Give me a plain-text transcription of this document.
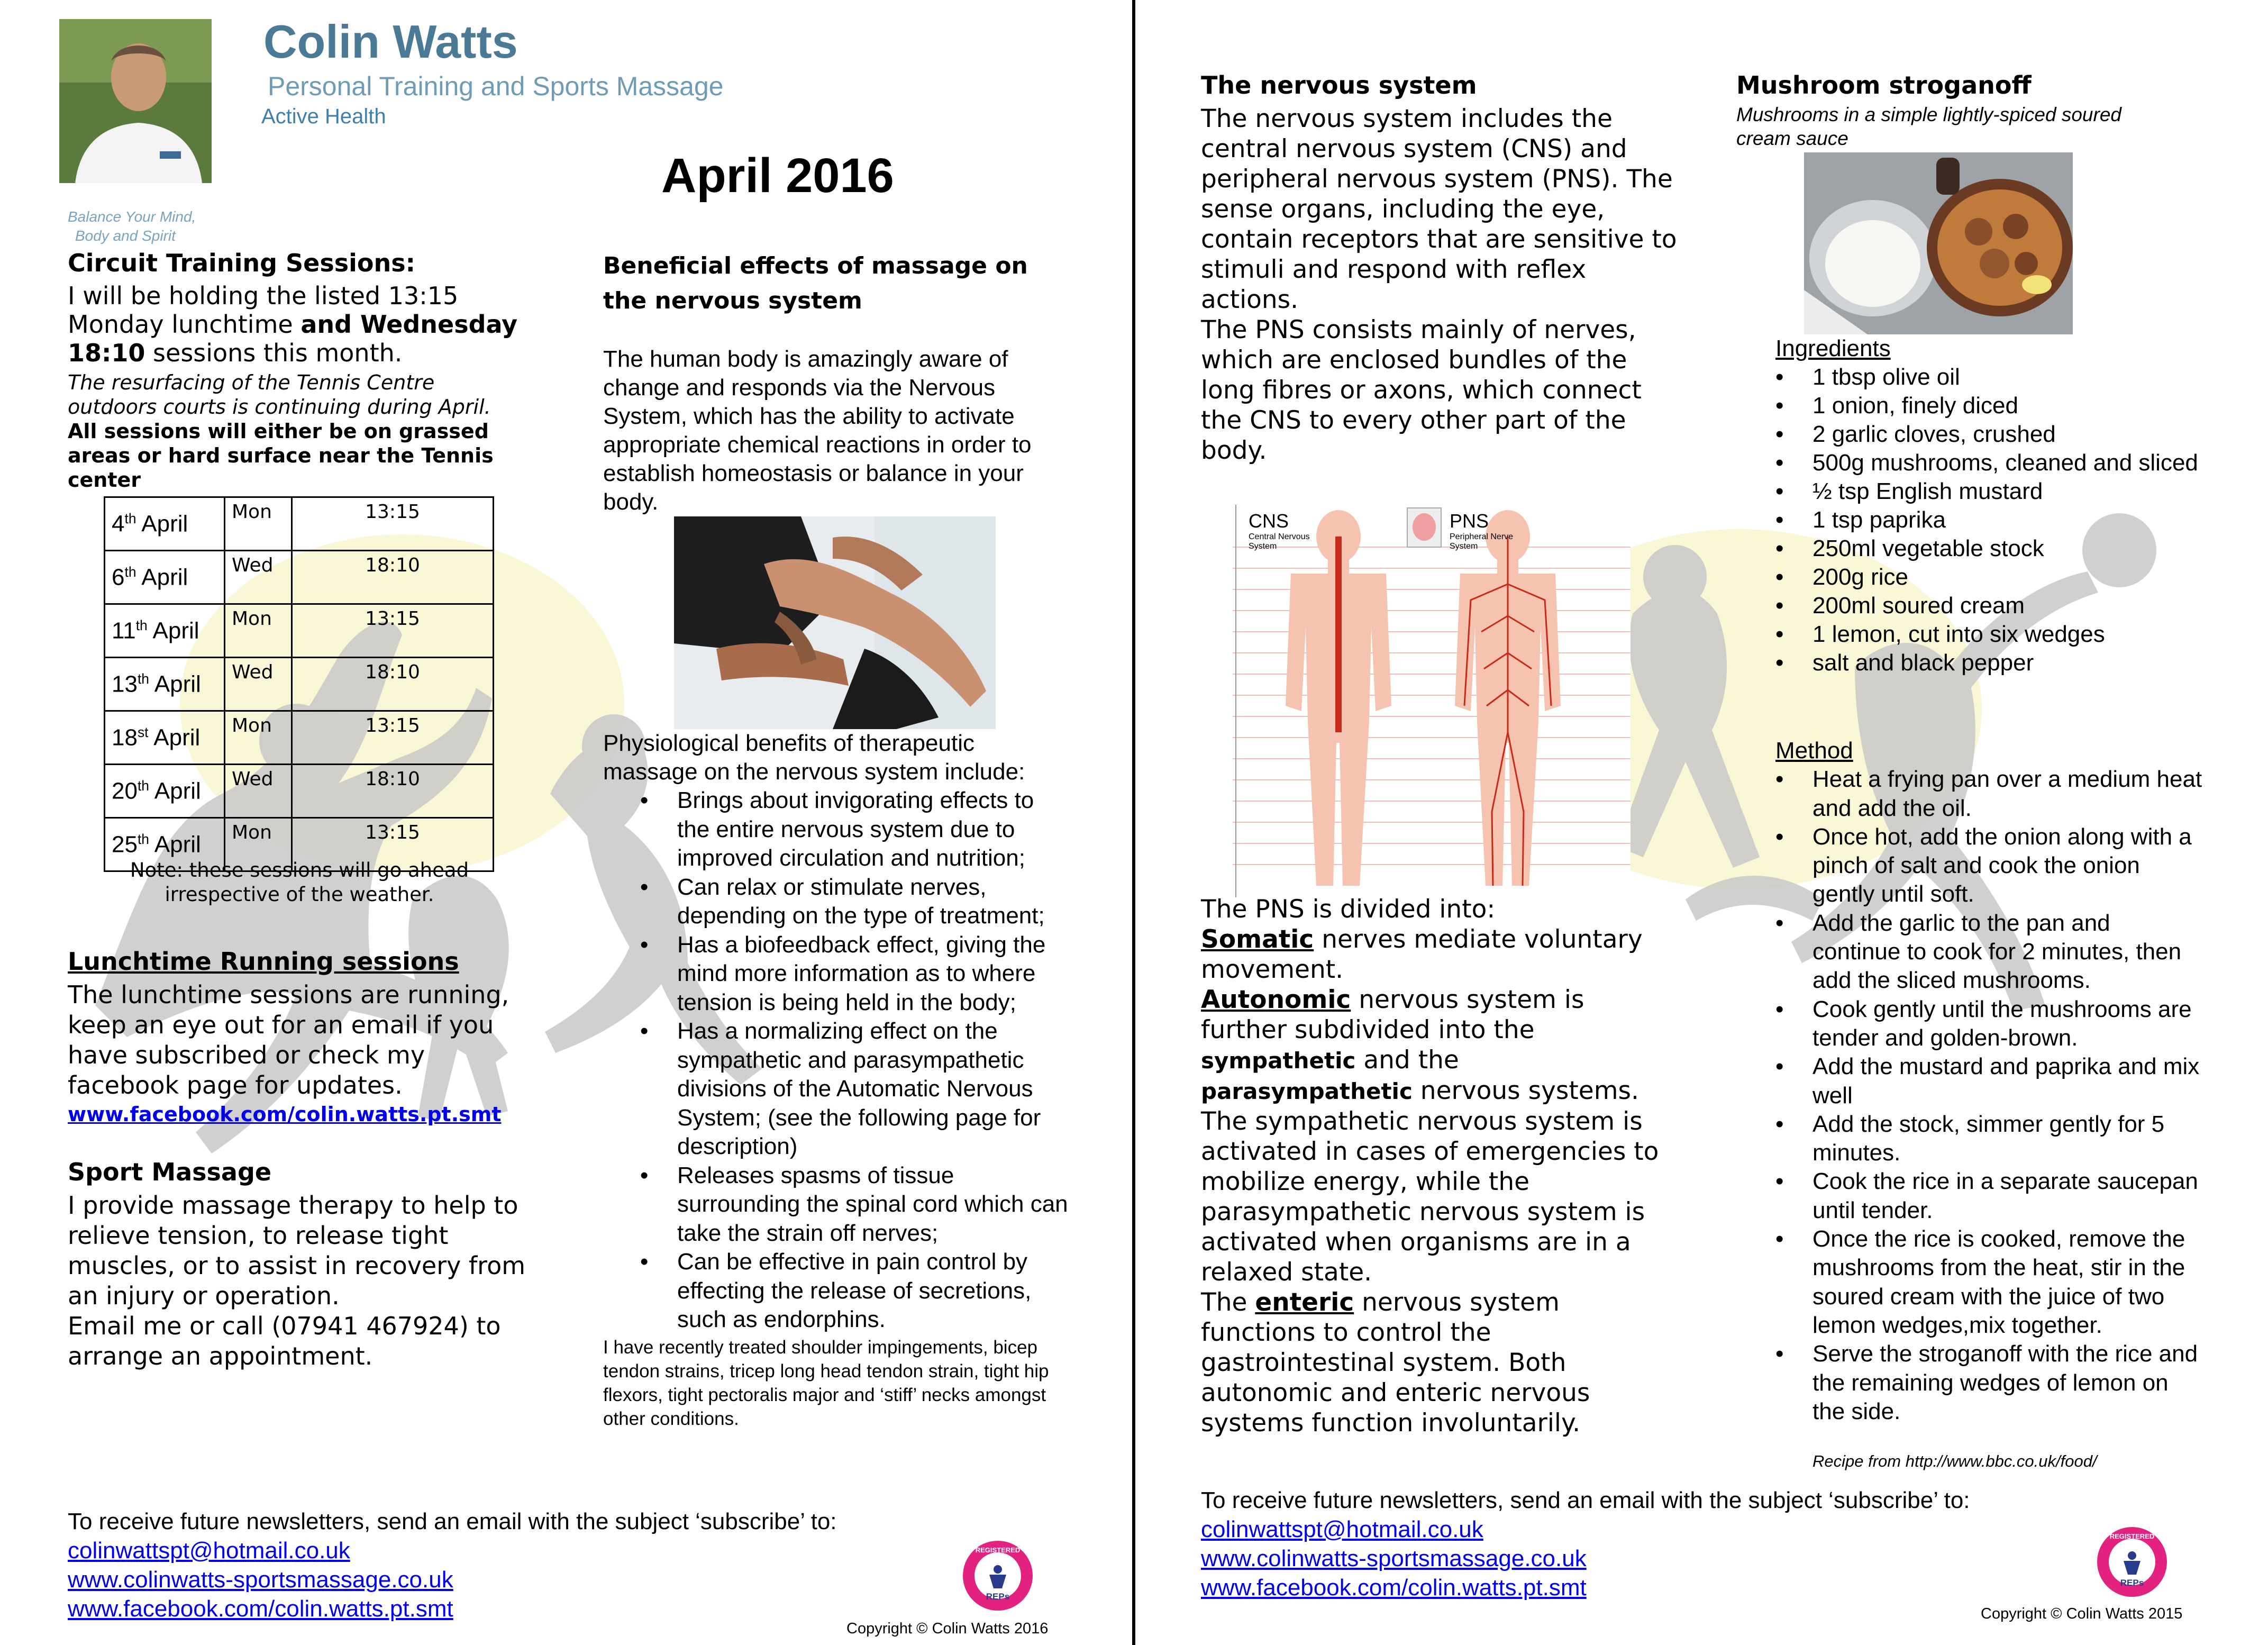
Colin Watts
Personal Training and Sports Massage
Active Health
Balance Your Mind,
Body and Spirit
April 2016
Circuit Training Sessions:
I will be holding the listed 13:15
Monday lunchtime and Wednesday
18:10 sessions this month.
The resurfacing of the Tennis Centre outdoors courts is continuing during April.
All sessions will either be on grassed areas or hard surface near the Tennis center
4th April	Mon	13:15
6th April	Wed	18:10
11th April	Mon	13:15
13th April	Wed	18:10
18st April	Mon	13:15
20th April	Wed	18:10
25th April	Mon	13:15
Note: these sessions will go ahead
irrespective of the weather.
Lunchtime Running sessions
The lunchtime sessions are running, keep an eye out for an email if you have subscribed or check my facebook page for updates.
www.facebook.com/colin.watts.pt.smt
Sport Massage
I provide massage therapy to help to relieve tension, to release tight muscles, or to assist in recovery from an injury or operation.
Email me or call (07941 467924) to arrange an appointment.
Beneficial effects of massage on the nervous system
The human body is amazingly aware of change and responds via the Nervous System, which has the ability to activate appropriate chemical reactions in order to establish homeostasis or balance in your body.
Physiological benefits of therapeutic massage on the nervous system include:
• Brings about invigorating effects to the entire nervous system due to improved circulation and nutrition;
• Can relax or stimulate nerves, depending on the type of treatment;
• Has a biofeedback effect, giving the mind more information as to where tension is being held in the body;
• Has a normalizing effect on the sympathetic and parasympathetic divisions of the Automatic Nervous System; (see the following page for description)
• Releases spasms of tissue surrounding the spinal cord which can take the strain off nerves;
• Can be effective in pain control by effecting the release of secretions, such as endorphins.
I have recently treated shoulder impingements, bicep tendon strains, tricep long head tendon strain, tight hip flexors, tight pectoralis major and ‘stiff’ necks amongst other conditions.
To receive future newsletters, send an email with the subject ‘subscribe’ to:
colinwattspt@hotmail.co.uk
www.colinwatts-sportsmassage.co.uk
www.facebook.com/colin.watts.pt.smt
REGISTERED
REPs
Copyright © Colin Watts 2016
The nervous system
The nervous system includes the central nervous system (CNS) and peripheral nervous system (PNS). The sense organs, including the eye, contain receptors that are sensitive to stimuli and respond with reflex actions.
The PNS consists mainly of nerves, which are enclosed bundles of the long fibres or axons, which connect the CNS to every other part of the body.
CNS
Central Nervous System
PNS
Peripheral Nerve System
The PNS is divided into:
Somatic nerves mediate voluntary movement.
Autonomic nervous system is further subdivided into the
sympathetic and the
parasympathetic nervous systems.
The sympathetic nervous system is activated in cases of emergencies to mobilize energy, while the parasympathetic nervous system is activated when organisms are in a relaxed state.
The enteric nervous system functions to control the gastrointestinal system. Both autonomic and enteric nervous systems function involuntarily.
Mushroom stroganoff
Mushrooms in a simple lightly-spiced soured cream sauce
Ingredients
• 1 tbsp olive oil
• 1 onion, finely diced
• 2 garlic cloves, crushed
• 500g mushrooms, cleaned and sliced
• ½ tsp English mustard
• 1 tsp paprika
• 250ml vegetable stock
• 200g rice
• 200ml soured cream
• 1 lemon, cut into six wedges
• salt and black pepper
Method
• Heat a frying pan over a medium heat and add the oil.
• Once hot, add the onion along with a pinch of salt and cook the onion gently until soft.
• Add the garlic to the pan and continue to cook for 2 minutes, then add the sliced mushrooms.
• Cook gently until the mushrooms are tender and golden-brown.
• Add the mustard and paprika and mix well
• Add the stock, simmer gently for 5 minutes.
• Cook the rice in a separate saucepan until tender.
• Once the rice is cooked, remove the mushrooms from the heat, stir in the soured cream with the juice of two lemon wedges,mix together.
• Serve the stroganoff with the rice and the remaining wedges of lemon on the side.
Recipe from http://www.bbc.co.uk/food/
To receive future newsletters, send an email with the subject ‘subscribe’ to:
colinwattspt@hotmail.co.uk
www.colinwatts-sportsmassage.co.uk
www.facebook.com/colin.watts.pt.smt
REGISTERED
REPs
Copyright © Colin Watts 2015
